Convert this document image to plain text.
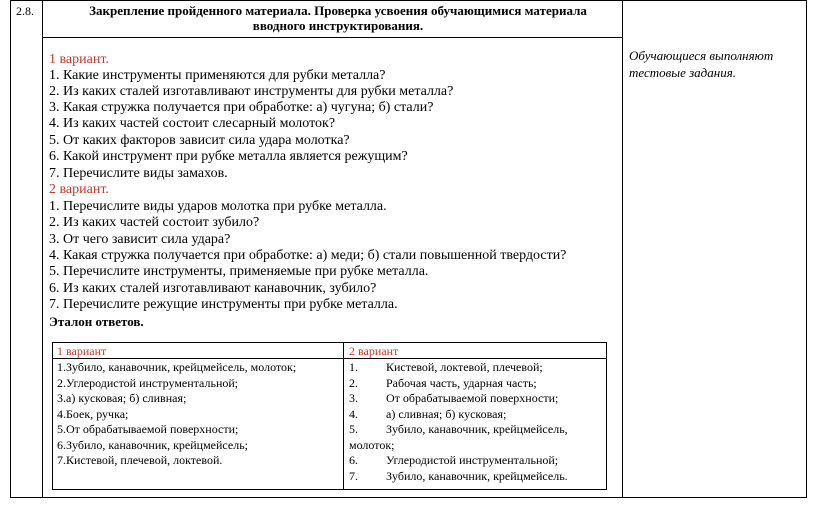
2.8.	Закрепление пройденного материала. Проверка усвоения обучающимися материала
вводного инструктирования.
1 вариант.
1. Какие инструменты применяются для рубки металла?
2. Из каких сталей изготавливают инструменты для рубки металла?
3. Какая стружка получается при обработке: а) чугуна; б) стали?
4. Из каких частей состоит слесарный молоток?
5. От каких факторов зависит сила удара молотка?
6. Какой инструмент при рубке металла является режущим?
7. Перечислите виды замахов.
2 вариант.
1. Перечислите виды ударов молотка при рубке металла.
2. Из каких частей состоит зубило?
3. От чего зависит сила удара?
4. Какая стружка получается при обработке: а) меди; б) стали повышенной твердости?
5. Перечислите инструменты, применяемые при рубке металла.
6. Из каких сталей изготавливают канавочник, зубило?
7. Перечислите режущие инструменты при рубке металла.
Эталон ответов.
1 вариант	2 вариант
1.Зубило, канавочник, крейцмейсель, молоток;
2.Углеродистой инструментальной;
3.а) кусковая; б) сливная;
4.Боек, ручка;
5.От обрабатываемой поверхности;
6.Зубило, канавочник, крейцмейсель;
7.Кистевой, плечевой, локтевой.
1. Кистевой, локтевой, плечевой;
2. Рабочая часть, ударная часть;
3. От обрабатываемой поверхности;
4. а) сливная; б) кусковая;
5. Зубило, канавочник, крейцмейсель,
молоток;
6. Углеродистой инструментальной;
7. Зубило, канавочник, крейцмейсель.
Обучающиеся выполняют
тестовые задания.
